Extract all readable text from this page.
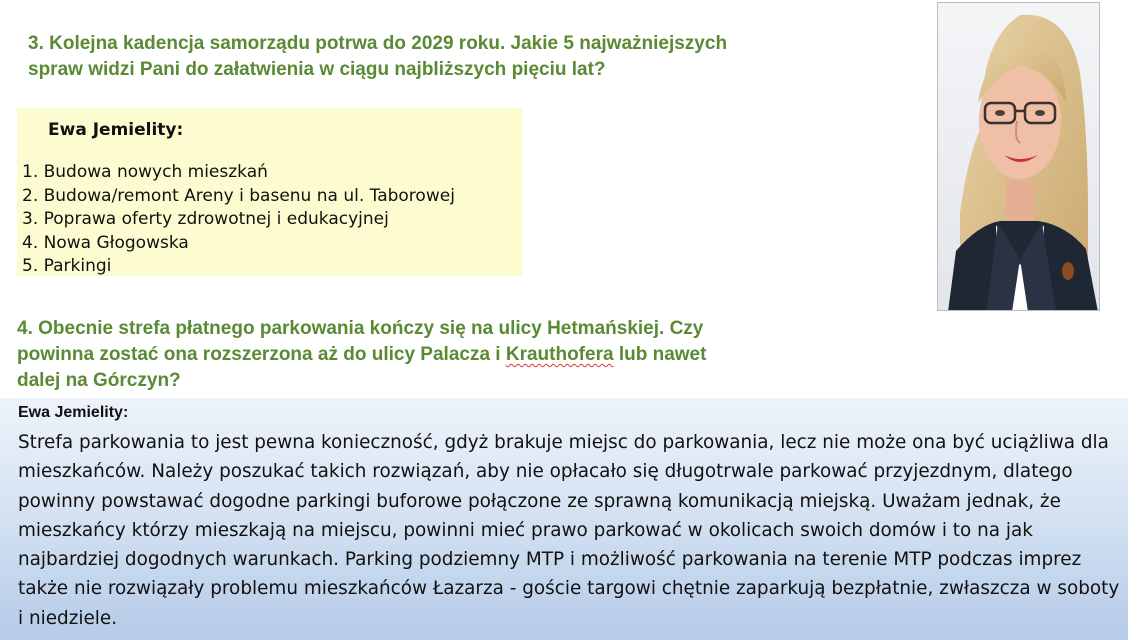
3. Kolejna kadencja samorządu potrwa do 2029 roku. Jakie 5 najważniejszych
spraw widzi Pani do załatwienia w ciągu najbliższych pięciu lat?

Ewa Jemielity:
1. Budowa nowych mieszkań
2. Budowa/remont Areny i basenu na ul. Taborowej
3. Poprawa oferty zdrowotnej i edukacyjnej
4. Nowa Głogowska
5. Parkingi

4. Obecnie strefa płatnego parkowania kończy się na ulicy Hetmańskiej. Czy
powinna zostać ona rozszerzona aż do ulicy Palacza i Krauthofera lub nawet
dalej na Górczyn?

Ewa Jemielity:

Strefa parkowania to jest pewna konieczność, gdyż brakuje miejsc do parkowania, lecz nie może ona być uciążliwa dla mieszkańców. Należy poszukać takich rozwiązań, aby nie opłacało się długotrwale parkować przyjezdnym, dlatego powinny powstawać dogodne parkingi buforowe połączone ze sprawną komunikacją miejską. Uważam jednak, że mieszkańcy którzy mieszkają na miejscu, powinni mieć prawo parkować w okolicach swoich domów i to na jak najbardziej dogodnych warunkach. Parking podziemny MTP i możliwość parkowania na terenie MTP podczas imprez także nie rozwiązały problemu mieszkańców Łazarza - goście targowi chętnie zaparkują bezpłatnie, zwłaszcza w soboty i niedziele.
